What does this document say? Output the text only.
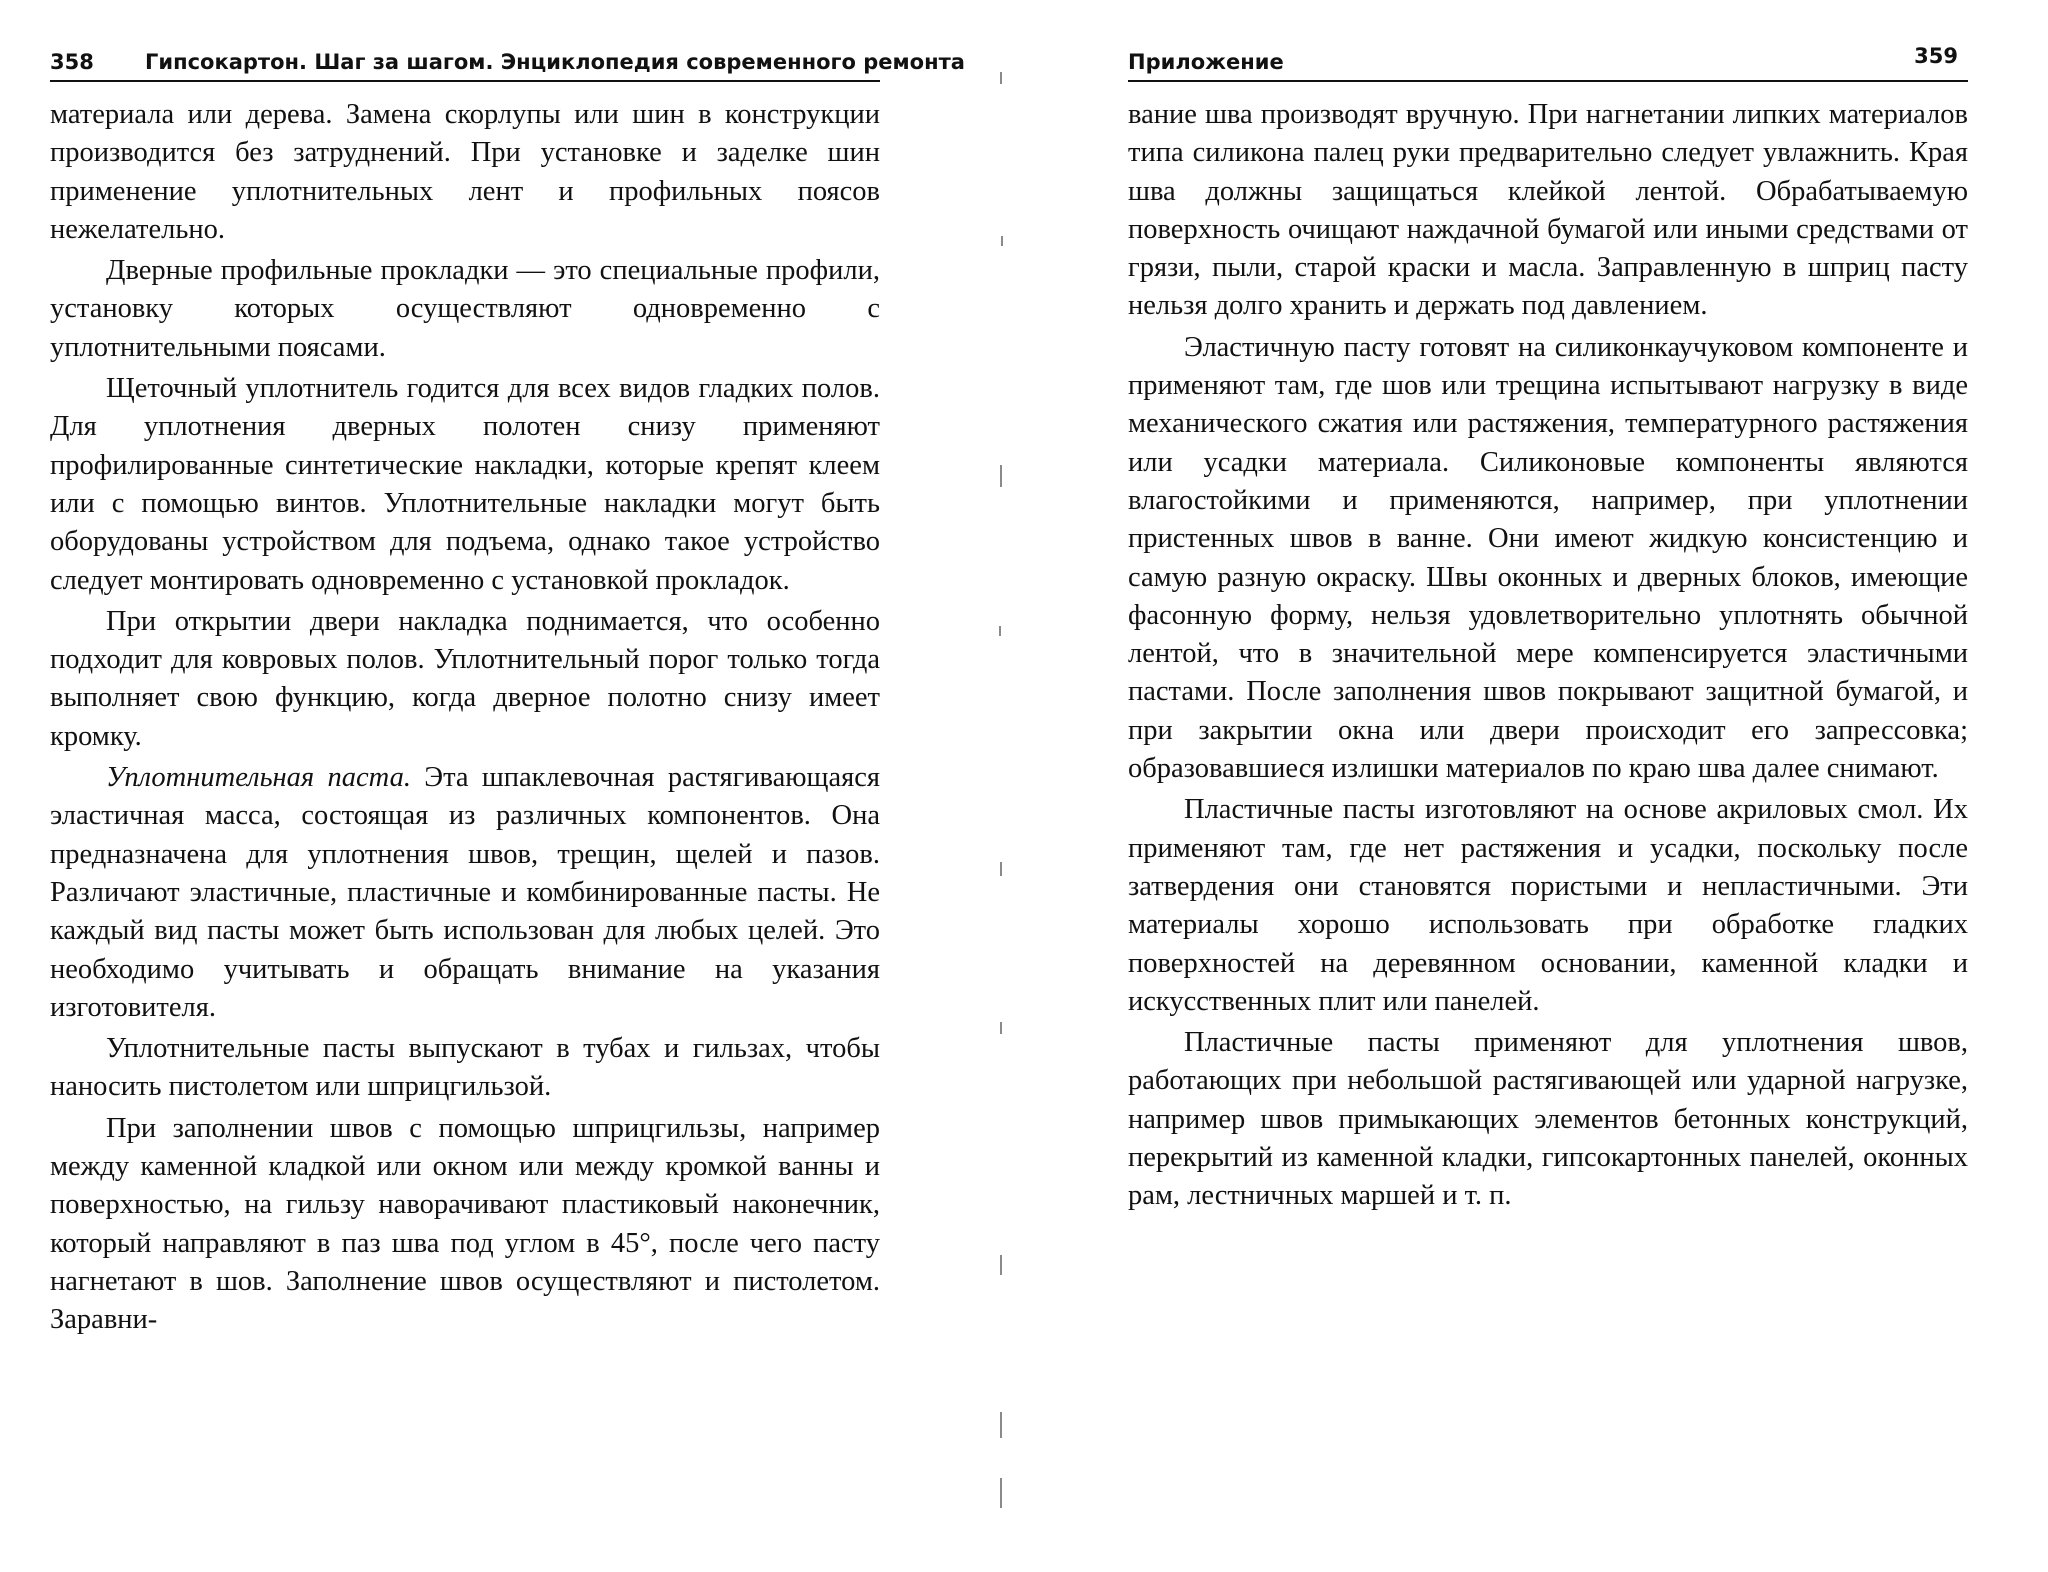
358 Гипсокартон. Шаг за шагом. Энциклопедия современного ремонта

материала или дерева. Замена скорлупы или шин в конструкции производится без затруднений. При установке и заделке шин применение уплотнительных лент и профильных поясов нежелательно.

Дверные профильные прокладки — это специальные профили, установку которых осуществляют одновременно с уплотнительными поясами.

Щеточный уплотнитель годится для всех видов гладких полов. Для уплотнения дверных полотен снизу применяют профилированные синтетические накладки, которые крепят клеем или с помощью винтов. Уплотнительные накладки могут быть оборудованы устройством для подъема, однако такое устройство следует монтировать одновременно с установкой прокладок.

При открытии двери накладка поднимается, что особенно подходит для ковровых полов. Уплотнительный порог только тогда выполняет свою функцию, когда дверное полотно снизу имеет кромку.

Уплотнительная паста. Эта шпаклевочная растягивающаяся эластичная масса, состоящая из различных компонентов. Она предназначена для уплотнения швов, трещин, щелей и пазов. Различают эластичные, пластичные и комбинированные пасты. Не каждый вид пасты может быть использован для любых целей. Это необходимо учитывать и обращать внимание на указания изготовителя.

Уплотнительные пасты выпускают в тубах и гильзах, чтобы наносить пистолетом или шприцгильзой.

При заполнении швов с помощью шприцгильзы, например между каменной кладкой или окном или между кромкой ванны и поверхностью, на гильзу наворачивают пластиковый наконечник, который направляют в паз шва под углом в 45°, после чего пасту нагнетают в шов. Заполнение швов осуществляют и пистолетом. Заравни-

Приложение	359

вание шва производят вручную. При нагнетании липких материалов типа силикона палец руки предварительно следует увлажнить. Края шва должны защищаться клейкой лентой. Обрабатываемую поверхность очищают наждачной бумагой или иными средствами от грязи, пыли, старой краски и масла. Заправленную в шприц пасту нельзя долго хранить и держать под давлением.

Эластичную пасту готовят на силиконкаучуковом компоненте и применяют там, где шов или трещина испытывают нагрузку в виде механического сжатия или растяжения, температурного растяжения или усадки материала. Силиконовые компоненты являются влагостойкими и применяются, например, при уплотнении пристенных швов в ванне. Они имеют жидкую консистенцию и самую разную окраску. Швы оконных и дверных блоков, имеющие фасонную форму, нельзя удовлетворительно уплотнять обычной лентой, что в значительной мере компенсируется эластичными пастами. После заполнения швов покрывают защитной бумагой, и при закрытии окна или двери происходит его запрессовка; образовавшиеся излишки материалов по краю шва далее снимают.

Пластичные пасты изготовляют на основе акриловых смол. Их применяют там, где нет растяжения и усадки, поскольку после затвердения они становятся пористыми и непластичными. Эти материалы хорошо использовать при обработке гладких поверхностей на деревянном основании, каменной кладки и искусственных плит или панелей.

Пластичные пасты применяют для уплотнения швов, работающих при небольшой растягивающей или ударной нагрузке, например швов примыкающих элементов бетонных конструкций, перекрытий из каменной кладки, гипсокартонных панелей, оконных рам, лестничных маршей и т. п.
